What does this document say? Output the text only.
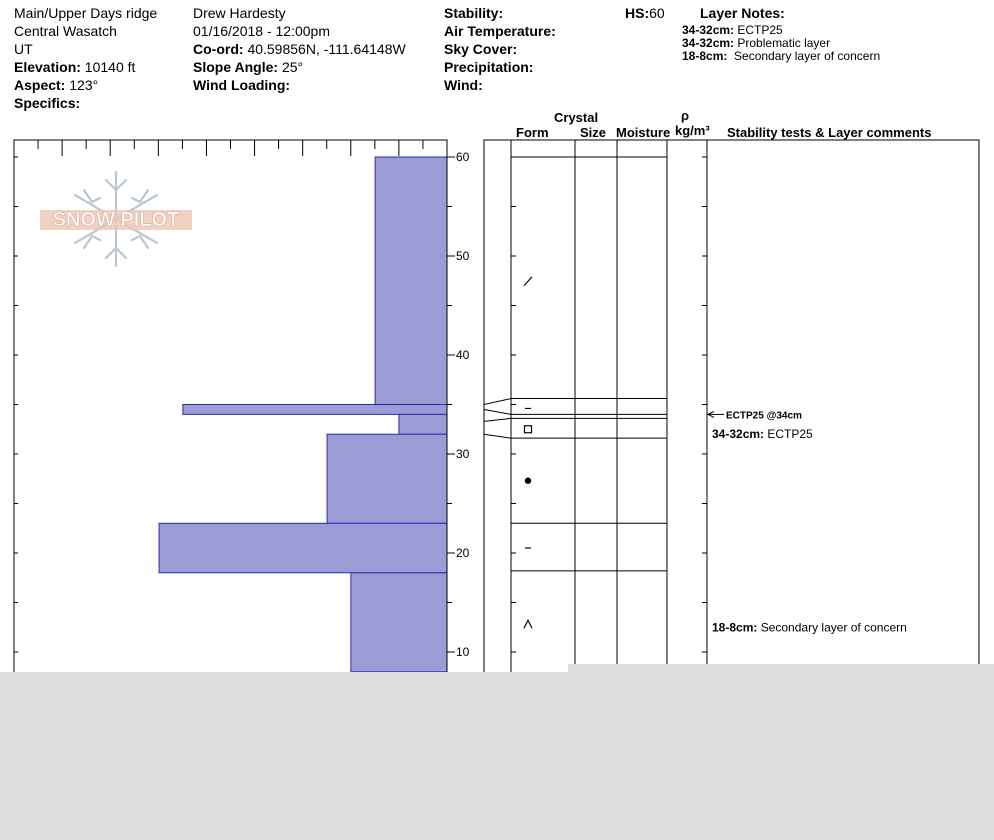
Main/Upper Days ridge
Central Wasatch
UT
Elevation: 10140 ft
Aspect: 123°
Specifics:
Drew Hardesty
01/16/2018 - 12:00pm
Co-ord: 40.59856N, -111.64148W
Slope Angle: 25°
Wind Loading:
Stability:
Air Temperature:
Sky Cover:
Precipitation:
Wind:
HS:60	Layer Notes:
34-32cm: ECTP25
34-32cm: Problematic layer
18-8cm: Secondary layer of concern
Crystal
Form Size Moisture
ρ
kg/m³ Stability tests & Layer comments
SNOW PILOT
10
20
30
40
50
60
ECTP25 @34cm
34-32cm: ECTP25
18-8cm: Secondary layer of concern
